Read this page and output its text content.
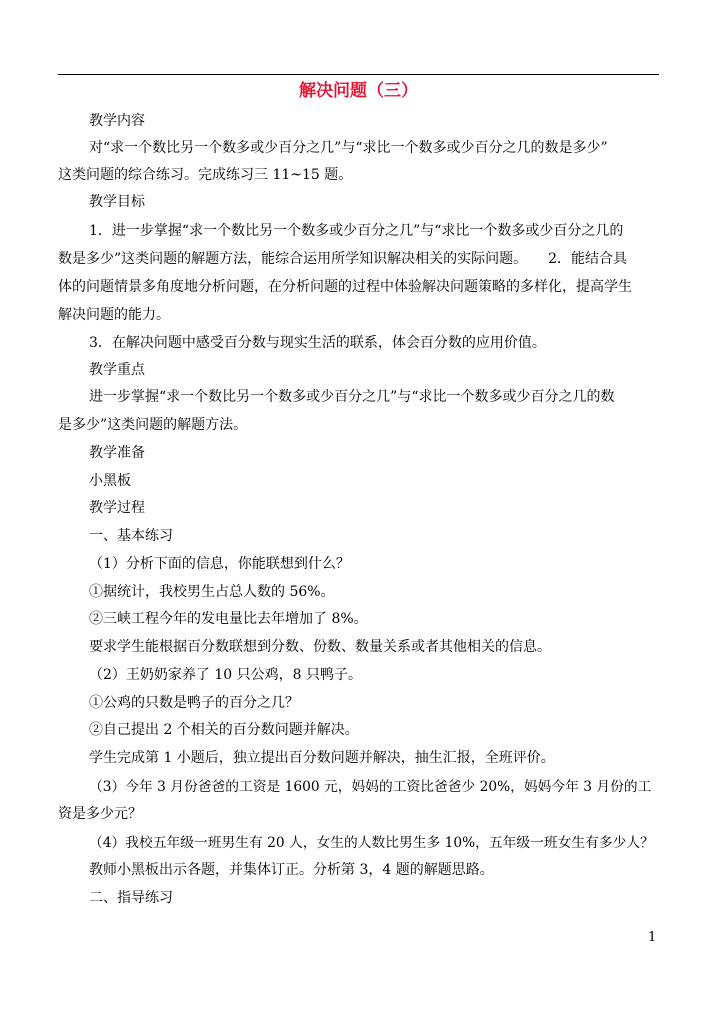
解决问题（三）
教学内容
对“求一个数比另一个数多或少百分之几”与“求比一个数多或少百分之几的数是多少”
这类问题的综合练习。完成练习三 11~15 题。
教学目标
1．进一步掌握“求一个数比另一个数多或少百分之几”与“求比一个数多或少百分之几的
数是多少”这类问题的解题方法，能综合运用所学知识解决相关的实际问题。　　2．能结合具
体的问题情景多角度地分析问题，在分析问题的过程中体验解决问题策略的多样化，提高学生
解决问题的能力。
3．在解决问题中感受百分数与现实生活的联系，体会百分数的应用价值。
教学重点
进一步掌握“求一个数比另一个数多或少百分之几”与“求比一个数多或少百分之几的数
是多少”这类问题的解题方法。
教学准备
小黑板
教学过程
一、基本练习
（1）分析下面的信息，你能联想到什么？
①据统计，我校男生占总人数的 56%。
②三峡工程今年的发电量比去年增加了 8%。
要求学生能根据百分数联想到分数、份数、数量关系或者其他相关的信息。
（2）王奶奶家养了 10 只公鸡，8 只鸭子。
①公鸡的只数是鸭子的百分之几？
②自己提出 2 个相关的百分数问题并解决。
学生完成第 1 小题后，独立提出百分数问题并解决，抽生汇报，全班评价。
（3）今年 3 月份爸爸的工资是 1600 元，妈妈的工资比爸爸少 20%，妈妈今年 3 月份的工
资是多少元？
（4）我校五年级一班男生有 20 人，女生的人数比男生多 10%，五年级一班女生有多少人？
教师小黑板出示各题，并集体订正。分析第 3，4 题的解题思路。
二、指导练习
1
